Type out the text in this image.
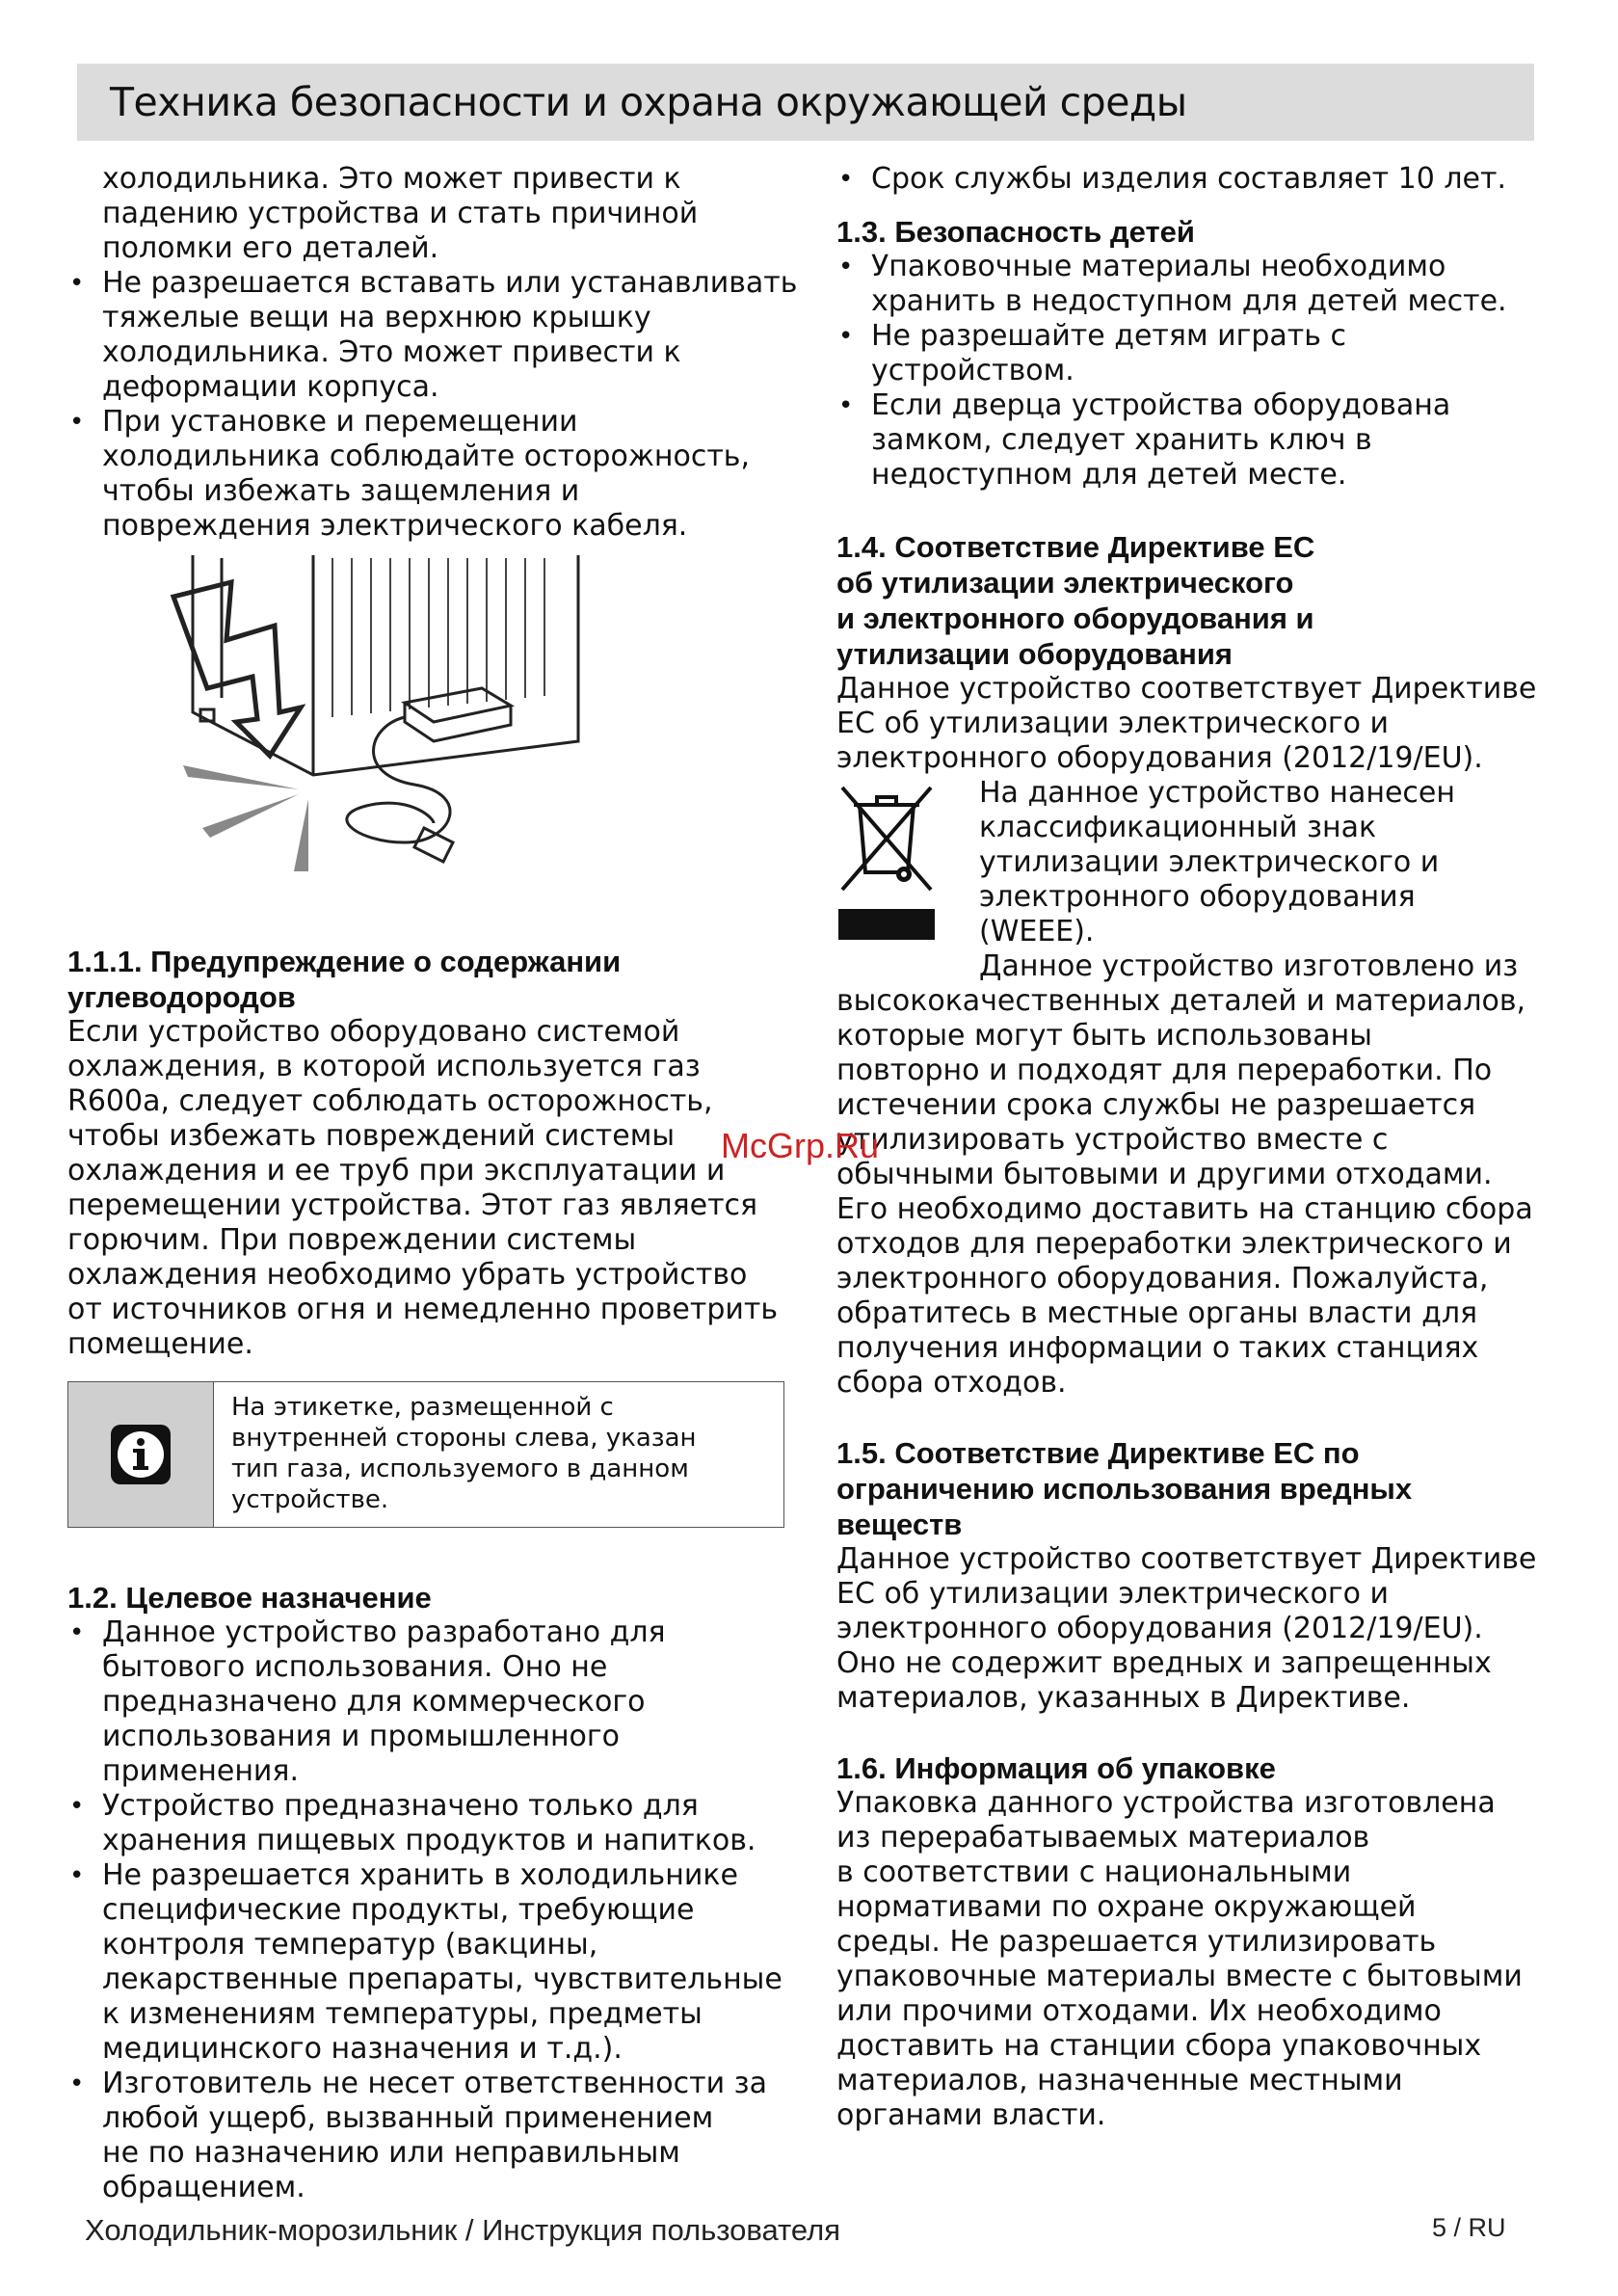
Техника безопасности и охрана окружающей среды
холодильника. Это может привести к
падению устройства и стать причиной
поломки его деталей.
• Не разрешается вставать или устанавливать
тяжелые вещи на верхнюю крышку
холодильника. Это может привести к
деформации корпуса.
• При установке и перемещении
холодильника соблюдайте осторожность,
чтобы избежать защемления и
повреждения электрического кабеля.
1.1.1. Предупреждение о содержании
углеводородов
Если устройство оборудовано системой
охлаждения, в которой используется газ
R600a, следует соблюдать осторожность,
чтобы избежать повреждений системы
охлаждения и ее труб при эксплуатации и
перемещении устройства. Этот газ является
горючим. При повреждении системы
охлаждения необходимо убрать устройство
от источников огня и немедленно проветрить
помещение.
На этикетке, размещенной с
внутренней стороны слева, указан
тип газа, используемого в данном
устройстве.
1.2. Целевое назначение
• Данное устройство разработано для
бытового использования. Оно не
предназначено для коммерческого
использования и промышленного
применения.
• Устройство предназначено только для
хранения пищевых продуктов и напитков.
• Не разрешается хранить в холодильнике
специфические продукты, требующие
контроля температур (вакцины,
лекарственные препараты, чувствительные
к изменениям температуры, предметы
медицинского назначения и т.д.).
• Изготовитель не несет ответственности за
любой ущерб, вызванный применением
не по назначению или неправильным
обращением.
• Срок службы изделия составляет 10 лет.
1.3. Безопасность детей
• Упаковочные материалы необходимо
хранить в недоступном для детей месте.
• Не разрешайте детям играть с
устройством.
• Если дверца устройства оборудована
замком, следует хранить ключ в
недоступном для детей месте.
1.4. Соответствие Директиве ЕС
об утилизации электрического
и электронного оборудования и
утилизации оборудования
Данное устройство соответствует Директиве
ЕС об утилизации электрического и
электронного оборудования (2012/19/EU).
На данное устройство нанесен
классификационный знак
утилизации электрического и
электронного оборудования
(WEEE).
Данное устройство изготовлено из
высококачественных деталей и материалов,
которые могут быть использованы
повторно и подходят для переработки. По
истечении срока службы не разрешается
утилизировать устройство вместе с
обычными бытовыми и другими отходами.
Его необходимо доставить на станцию сбора
отходов для переработки электрического и
электронного оборудования. Пожалуйста,
обратитесь в местные органы власти для
получения информации о таких станциях
сбора отходов.
1.5. Соответствие Директиве ЕС по
ограничению использования вредных
веществ
Данное устройство соответствует Директиве
ЕС об утилизации электрического и
электронного оборудования (2012/19/EU).
Оно не содержит вредных и запрещенных
материалов, указанных в Директиве.
1.6. Информация об упаковке
Упаковка данного устройства изготовлена
из перерабатываемых материалов
в соответствии с национальными
нормативами по охране окружающей
среды. Не разрешается утилизировать
упаковочные материалы вместе с бытовыми
или прочими отходами. Их необходимо
доставить на станции сбора упаковочных
материалов, назначенные местными
органами власти.
McGrp.Ru
Холодильник-морозильник / Инструкция пользователя	5 / RU
